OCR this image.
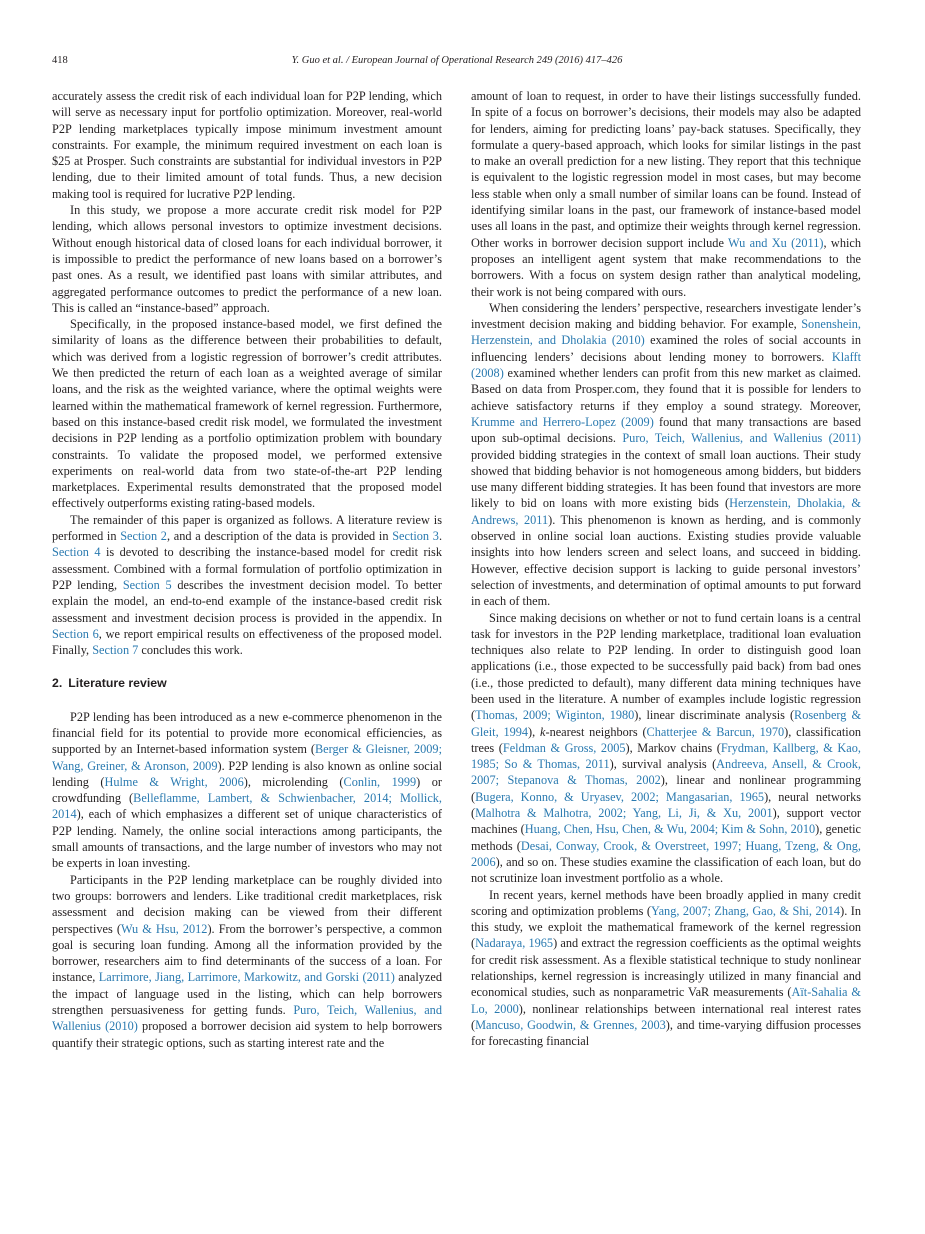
418	Y. Guo et al. / European Journal of Operational Research 249 (2016) 417–426

accurately assess the credit risk of each individual loan for P2P lending, which will serve as necessary input for portfolio optimization. Moreover, real-world P2P lending marketplaces typically impose minimum investment amount constraints. For example, the minimum required investment on each loan is $25 at Prosper. Such constraints are substantial for individual investors in P2P lending, due to their limited amount of total funds. Thus, a new decision making tool is required for lucrative P2P lending.

In this study, we propose a more accurate credit risk model for P2P lending, which allows personal investors to optimize investment decisions. Without enough historical data of closed loans for each individual borrower, it is impossible to predict the performance of new loans based on a borrower’s past ones. As a result, we identified past loans with similar attributes, and aggregated performance outcomes to predict the performance of a new loan. This is called an “instance-based” approach.

Specifically, in the proposed instance-based model, we first defined the similarity of loans as the difference between their probabilities to default, which was derived from a logistic regression of borrower’s credit attributes. We then predicted the return of each loan as a weighted average of similar loans, and the risk as the weighted variance, where the optimal weights were learned within the mathematical framework of kernel regression. Furthermore, based on this instance-based credit risk model, we formulated the investment decisions in P2P lending as a portfolio optimization problem with boundary constraints. To validate the proposed model, we performed extensive experiments on real-world data from two state-of-the-art P2P lending marketplaces. Experimental results demonstrated that the proposed model effectively outperforms existing rating-based models.

The remainder of this paper is organized as follows. A literature review is performed in Section 2, and a description of the data is provided in Section 3. Section 4 is devoted to describing the instance-based model for credit risk assessment. Combined with a formal formulation of portfolio optimization in P2P lending, Section 5 describes the investment decision model. To better explain the model, an end-to-end example of the instance-based credit risk assessment and investment decision process is provided in the appendix. In Section 6, we report empirical results on effectiveness of the proposed model. Finally, Section 7 concludes this work.

2. Literature review

P2P lending has been introduced as a new e-commerce phenomenon in the financial field for its potential to provide more economical efficiencies, as supported by an Internet-based information system (Berger & Gleisner, 2009; Wang, Greiner, & Aronson, 2009). P2P lending is also known as online social lending (Hulme & Wright, 2006), microlending (Conlin, 1999) or crowdfunding (Belleflamme, Lambert, & Schwienbacher, 2014; Mollick, 2014), each of which emphasizes a different set of unique characteristics of P2P lending. Namely, the online social interactions among participants, the small amounts of transactions, and the large number of investors who may not be experts in loan investing.

Participants in the P2P lending marketplace can be roughly divided into two groups: borrowers and lenders. Like traditional credit marketplaces, risk assessment and decision making can be viewed from their different perspectives (Wu & Hsu, 2012). From the borrower’s perspective, a common goal is securing loan funding. Among all the information provided by the borrower, researchers aim to find determinants of the success of a loan. For instance, Larrimore, Jiang, Larrimore, Markowitz, and Gorski (2011) analyzed the impact of language used in the listing, which can help borrowers strengthen persuasiveness for getting funds. Puro, Teich, Wallenius, and Wallenius (2010) proposed a borrower decision aid system to help borrowers quantify their strategic options, such as starting interest rate and the

amount of loan to request, in order to have their listings successfully funded. In spite of a focus on borrower’s decisions, their models may also be adapted for lenders, aiming for predicting loans’ pay-back statuses. Specifically, they formulate a query-based approach, which looks for similar listings in the past to make an overall prediction for a new listing. They report that this technique is equivalent to the logistic regression model in most cases, but may become less stable when only a small number of similar loans can be found. Instead of identifying similar loans in the past, our framework of instance-based model uses all loans in the past, and optimize their weights through kernel regression. Other works in borrower decision support include Wu and Xu (2011), which proposes an intelligent agent system that make recommendations to the borrowers. With a focus on system design rather than analytical modeling, their work is not being compared with ours.

When considering the lenders’ perspective, researchers investigate lender’s investment decision making and bidding behavior. For example, Sonenshein, Herzenstein, and Dholakia (2010) examined the roles of social accounts in influencing lenders’ decisions about lending money to borrowers. Klafft (2008) examined whether lenders can profit from this new market as claimed. Based on data from Prosper.com, they found that it is possible for lenders to achieve satisfactory returns if they employ a sound strategy. Moreover, Krumme and Herrero-Lopez (2009) found that many transactions are based upon sub-optimal decisions. Puro, Teich, Wallenius, and Wallenius (2011) provided bidding strategies in the context of small loan auctions. Their study showed that bidding behavior is not homogeneous among bidders, but bidders use many different bidding strategies. It has been found that investors are more likely to bid on loans with more existing bids (Herzenstein, Dholakia, & Andrews, 2011). This phenomenon is known as herding, and is commonly observed in online social loan auctions. Existing studies provide valuable insights into how lenders screen and select loans, and succeed in bidding. However, effective decision support is lacking to guide personal investors’ selection of investments, and determination of optimal amounts to put forward in each of them.

Since making decisions on whether or not to fund certain loans is a central task for investors in the P2P lending marketplace, traditional loan evaluation techniques also relate to P2P lending. In order to distinguish good loan applications (i.e., those expected to be successfully paid back) from bad ones (i.e., those predicted to default), many different data mining techniques have been used in the literature. A number of examples include logistic regression (Thomas, 2009; Wiginton, 1980), linear discriminate analysis (Rosenberg & Gleit, 1994), k-nearest neighbors (Chatterjee & Barcun, 1970), classification trees (Feldman & Gross, 2005), Markov chains (Frydman, Kallberg, & Kao, 1985; So & Thomas, 2011), survival analysis (Andreeva, Ansell, & Crook, 2007; Stepanova & Thomas, 2002), linear and nonlinear programming (Bugera, Konno, & Uryasev, 2002; Mangasarian, 1965), neural networks (Malhotra & Malhotra, 2002; Yang, Li, Ji, & Xu, 2001), support vector machines (Huang, Chen, Hsu, Chen, & Wu, 2004; Kim & Sohn, 2010), genetic methods (Desai, Conway, Crook, & Overstreet, 1997; Huang, Tzeng, & Ong, 2006), and so on. These studies examine the classification of each loan, but do not scrutinize loan investment portfolio as a whole.

In recent years, kernel methods have been broadly applied in many credit scoring and optimization problems (Yang, 2007; Zhang, Gao, & Shi, 2014). In this study, we exploit the mathematical framework of the kernel regression (Nadaraya, 1965) and extract the regression coefficients as the optimal weights for credit risk assessment. As a flexible statistical technique to study nonlinear relationships, kernel regression is increasingly utilized in many financial and economical studies, such as nonparametric VaR measurements (Aït-Sahalia & Lo, 2000), nonlinear relationships between international real interest rates (Mancuso, Goodwin, & Grennes, 2003), and time-varying diffusion processes for forecasting financial
